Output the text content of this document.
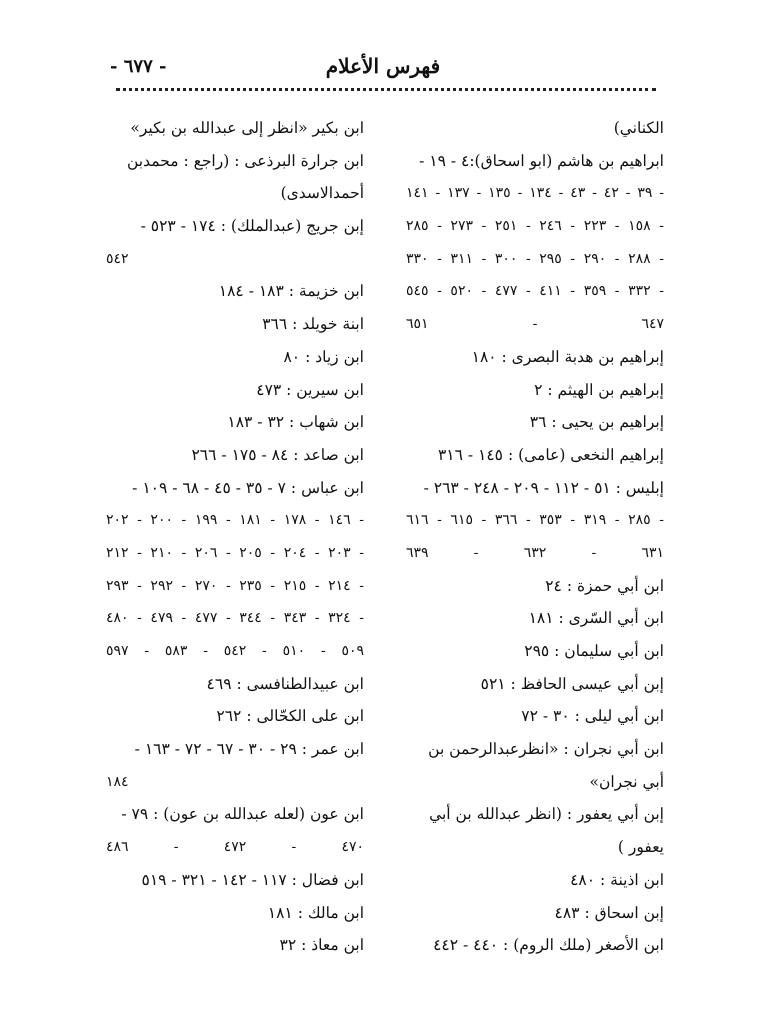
فهرس الأعلام
- ٦٧٧ -
الكناني)
ابراهيم بن هاشم (ابو اسحاق):٤ - ١٩ -
٣٩ - ٤٢ - ٤٣ - ١٣٤ - ١٣٥ - ١٣٧ - ١٤١ -
١٥٨ - ٢٢٣ - ٢٤٦ - ٢٥١ - ٢٧٣ - ٢٨٥ -
٢٨٨ - ٢٩٠ - ٢٩٥ - ٣٠٠ - ٣١١ - ٣٣٠ -
٣٣٢ - ٣٥٩ - ٤١١ - ٤٧٧ - ٥٢٠ - ٥٤٥ -
٦٤٧ - ٦٥١
إبراهيم بن هدبة البصرى : ١٨٠
إبراهيم بن الهيثم : ٢
إبراهيم بن يحيى : ٣٦
إبراهيم النخعى (عامى) : ١٤٥ - ٣١٦
إبليس : ٥١ - ١١٢ - ٢٠٩ - ٢٤٨ - ٢٦٣ -
٢٨٥ - ٣١٩ - ٣٥٣ - ٣٦٦ - ٦١٥ - ٦١٦ -
٦٣١ - ٦٣٢ - ٦٣٩
ابن أبي حمزة : ٢٤
ابن أبي السّرى : ١٨١
ابن أبي سليمان : ٢٩٥
إبن أبي عيسى الحافظ : ٥٢١
ابن أبي ليلى : ٣٠ - ٧٢
ابن أبي نجران : «انظرعبدالرحمن بن
أبي نجران»
إبن أبي يعفور : (انظر عبدالله بن أبي
يعفور )
ابن اذينة : ٤٨٠
إبن اسحاق : ٤٨٣
ابن الأصغر (ملك الروم) : ٤٤٠ - ٤٤٢
ابن بكير «انظر إلى عبدالله بن بكير»
ابن جرارة البرذعى : (راجع : محمدبن
أحمدالاسدى)
إبن جريج (عبدالملك) : ١٧٤ - ٥٢٣ -
٥٤٢
ابن خزيمة : ١٨٣ - ١٨٤
ابنة خويلد : ٣٦٦
ابن زياد : ٨٠
ابن سيرين : ٤٧٣
ابن شهاب : ٣٢ - ١٨٣
ابن صاعد : ٨٤ - ١٧٥ - ٢٦٦
ابن عباس : ٧ - ٣٥ - ٤٥ - ٦٨ - ١٠٩ -
١٤٦ - ١٧٨ - ١٨١ - ١٩٩ - ٢٠٠ - ٢٠٢ -
٢٠٣ - ٢٠٤ - ٢٠٥ - ٢٠٦ - ٢١٠ - ٢١٢ -
٢١٤ - ٢١٥ - ٢٣٥ - ٢٧٠ - ٢٩٢ - ٢٩٣ -
٣٢٤ - ٣٤٣ - ٣٤٤ - ٤٧٧ - ٤٧٩ - ٤٨٠ -
٥٠٩ - ٥١٠ - ٥٤٢ - ٥٨٣ - ٥٩٧
ابن عبيدالطنافسى : ٤٦٩
ابن على الكحّالى : ٢٦٢
ابن عمر : ٢٩ - ٣٠ - ٦٧ - ٧٢ - ١٦٣ -
١٨٤
ابن عون (لعله عبدالله بن عون) : ٧٩ -
٤٧٠ - ٤٧٢ - ٤٨٦
ابن فضال : ١١٧ - ١٤٢ - ٣٢١ - ٥١٩
ابن مالك : ١٨١
ابن معاذ : ٣٢
